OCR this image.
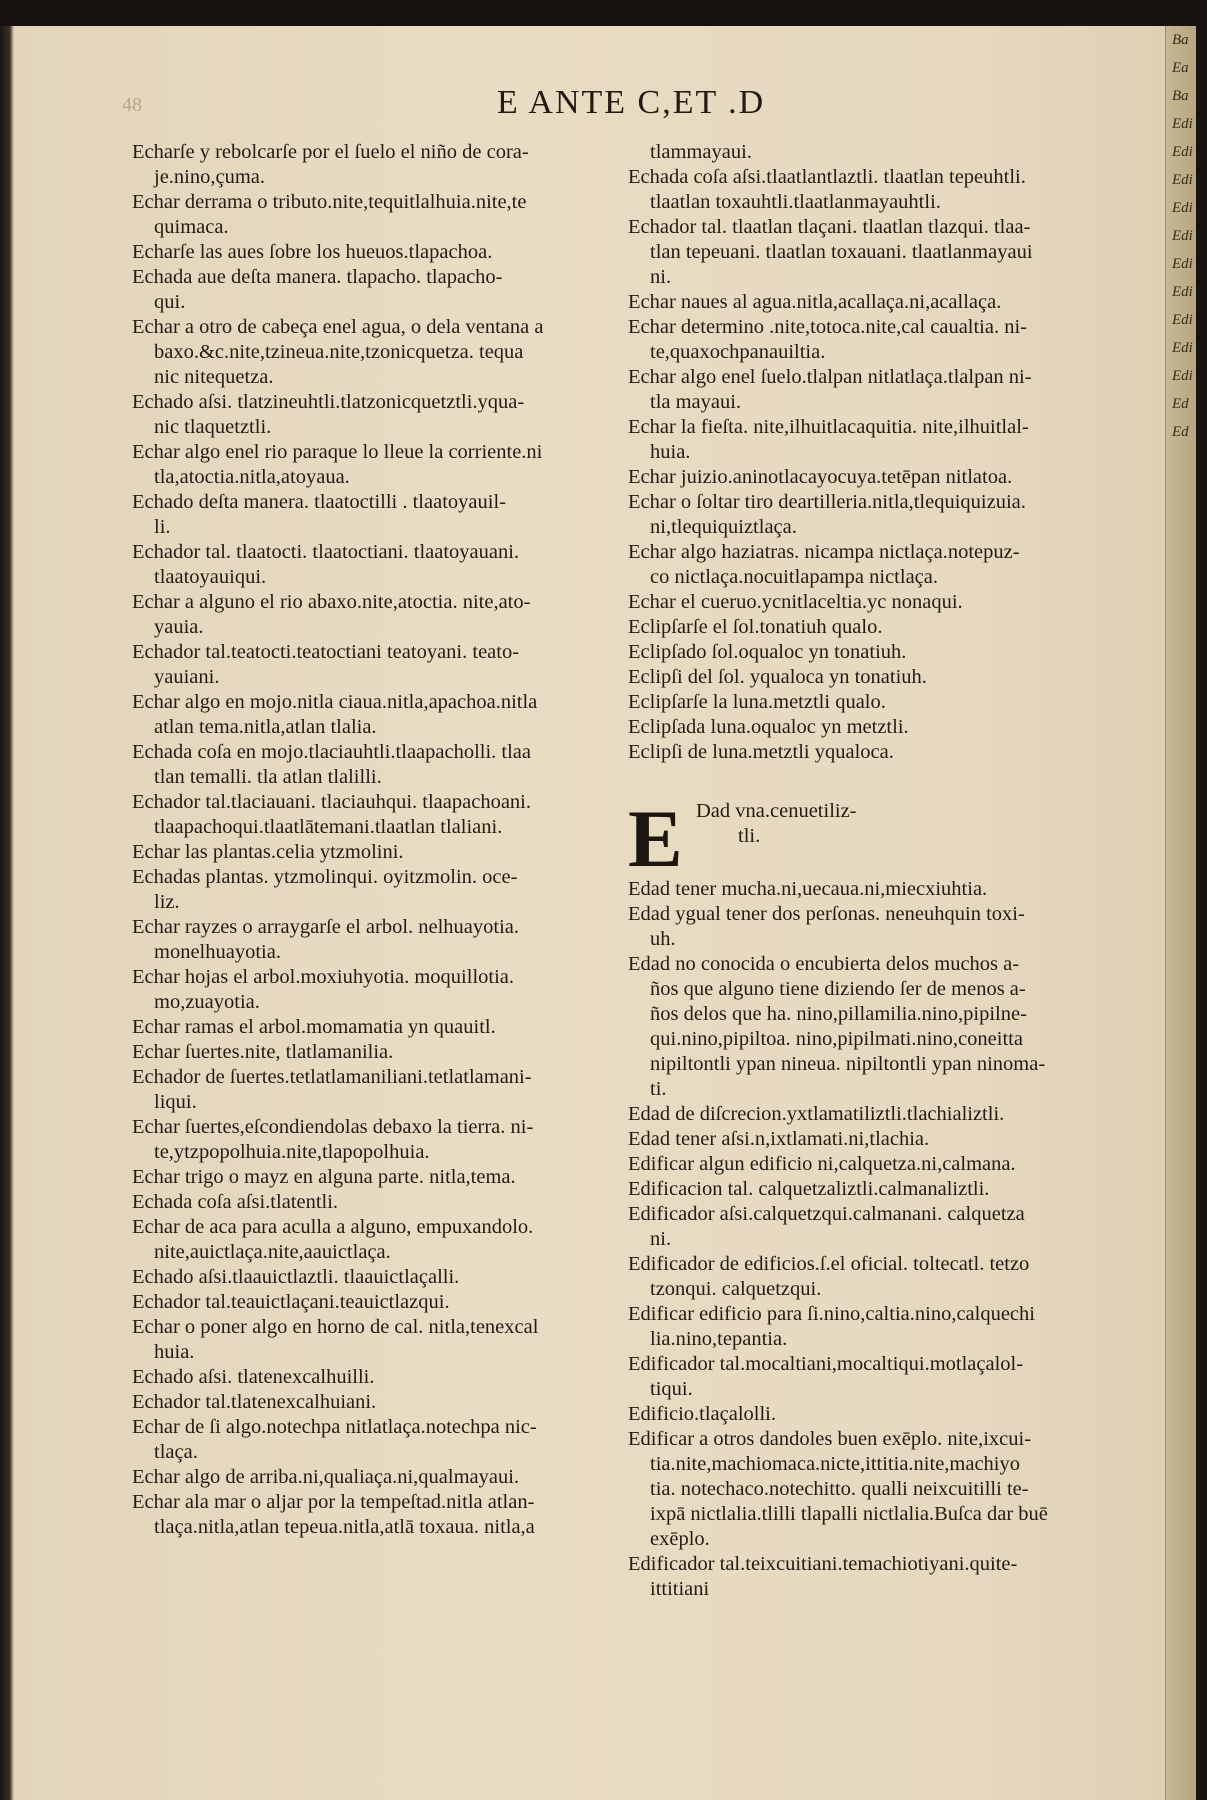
48	E ANTE C,ET .D
Echarſe y rebolcarſe por el ſuelo el niño de cora-
je.nino,çuma.
Echar derrama o tributo.nite,tequitlalhuia.nite,te
quimaca.
Echarſe las aues ſobre los hueuos.tlapachoa.
Echada aue deſta manera. tlapacho. tlapacho-
qui.
Echar a otro de cabeça enel agua, o dela ventana a
baxo.&c.nite,tzineua.nite,tzonicquetza. tequa
nic nitequetza.
Echado aſsi. tlatzineuhtli.tlatzonicquetztli.yqua-
nic tlaquetztli.
Echar algo enel rio paraque lo lleue la corriente.ni
tla,atoctia.nitla,atoyaua.
Echado deſta manera. tlaatoctilli . tlaatoyauil-
li.
Echador tal. tlaatocti. tlaatoctiani. tlaatoyauani.
tlaatoyauiqui.
Echar a alguno el rio abaxo.nite,atoctia. nite,ato-
yauia.
Echador tal.teatocti.teatoctiani teatoyani. teato-
yauiani.
Echar algo en mojo.nitla ciaua.nitla,apachoa.nitla
atlan tema.nitla,atlan tlalia.
Echada coſa en mojo.tlaciauhtli.tlaapacholli. tlaa
tlan temalli. tla atlan tlalilli.
Echador tal.tlaciauani. tlaciauhqui. tlaapachoani.
tlaapachoqui.tlaatlātemani.tlaatlan tlaliani.
Echar las plantas.celia ytzmolini.
Echadas plantas. ytzmolinqui. oyitzmolin. oce-
liz.
Echar rayzes o arraygarſe el arbol. nelhuayotia.
monelhuayotia.
Echar hojas el arbol.moxiuhyotia. moquillotia.
mo,zuayotia.
Echar ramas el arbol.momamatia yn quauitl.
Echar ſuertes.nite, tlatlamanilia.
Echador de ſuertes.tetlatlamaniliani.tetlatlamani-
liqui.
Echar ſuertes,eſcondiendolas debaxo la tierra. ni-
te,ytzpopolhuia.nite,tlapopolhuia.
Echar trigo o mayz en alguna parte. nitla,tema.
Echada coſa aſsi.tlatentli.
Echar de aca para aculla a alguno, empuxandolo.
nite,auictlaça.nite,aauictlaça.
Echado aſsi.tlaauictlaztli. tlaauictlaçalli.
Echador tal.teauictlaçani.teauictlazqui.
Echar o poner algo en horno de cal. nitla,tenexcal
huia.
Echado aſsi. tlatenexcalhuilli.
Echador tal.tlatenexcalhuiani.
Echar de ſi algo.notechpa nitlatlaça.notechpa nic-
tlaça.
Echar algo de arriba.ni,qualiaça.ni,qualmayaui.
Echar ala mar o aljar por la tempeſtad.nitla atlan-
tlaça.nitla,atlan tepeua.nitla,atlā toxaua. nitla,a
tlammayaui.
Echada coſa aſsi.tlaatlantlaztli. tlaatlan tepeuhtli.
tlaatlan toxauhtli.tlaatlanmayauhtli.
Echador tal. tlaatlan tlaçani. tlaatlan tlazqui. tlaa-
tlan tepeuani. tlaatlan toxauani. tlaatlanmayaui
ni.
Echar naues al agua.nitla,acallaça.ni,acallaça.
Echar determino .nite,totoca.nite,cal caualtia. ni-
te,quaxochpanauiltia.
Echar algo enel ſuelo.tlalpan nitlatlaça.tlalpan ni-
tla mayaui.
Echar la fieſta. nite,ilhuitlacaquitia. nite,ilhuitlal-
huia.
Echar juizio.aninotlacayocuya.tetēpan nitlatoa.
Echar o ſoltar tiro deartilleria.nitla,tlequiquizuia.
ni,tlequiquiztlaça.
Echar algo haziatras. nicampa nictlaça.notepuz-
co nictlaça.nocuitlapampa nictlaça.
Echar el cueruo.ycnitlaceltia.yc nonaqui.
Eclipſarſe el ſol.tonatiuh qualo.
Eclipſado ſol.oqualoc yn tonatiuh.
Eclipſi del ſol. yqualoca yn tonatiuh.
Eclipſarſe la luna.metztli qualo.
Eclipſada luna.oqualoc yn metztli.
Eclipſi de luna.metztli yqualoca.
E Dad vna.cenuetiliz-
tli.
Edad tener mucha.ni,uecaua.ni,miecxiuhtia.
Edad ygual tener dos perſonas. neneuhquin toxi-
uh.
Edad no conocida o encubierta delos muchos a-
ños que alguno tiene diziendo ſer de menos a-
ños delos que ha. nino,pillamilia.nino,pipilne-
qui.nino,pipiltoa. nino,pipilmati.nino,coneitta
nipiltontli ypan nineua. nipiltontli ypan ninoma-
ti.
Edad de diſcrecion.yxtlamatiliztli.tlachializtli.
Edad tener aſsi.n,ixtlamati.ni,tlachia.
Edificar algun edificio ni,calquetza.ni,calmana.
Edificacion tal. calquetzaliztli.calmanaliztli.
Edificador aſsi.calquetzqui.calmanani. calquetza
ni.
Edificador de edificios.ſ.el oficial. toltecatl. tetzo
tzonqui. calquetzqui.
Edificar edificio para ſi.nino,caltia.nino,calquechi
lia.nino,tepantia.
Edificador tal.mocaltiani,mocaltiqui.motlaçalol-
tiqui.
Edificio.tlaçalolli.
Edificar a otros dandoles buen exēplo. nite,ixcui-
tia.nite,machiomaca.nicte,ittitia.nite,machiyo
tia. notechaco.notechitto. qualli neixcuitilli te-
ixpā nictlalia.tlilli tlapalli nictlalia.Buſca dar buē
exēplo.
Edificador tal.teixcuitiani.temachiotiyani.quite-
ittitiani
Ba
Ea
Ba
Edi
Edi
Edi
Edi
Edi
Edi
Edi
Edi
Edi
Edi
Ed
Ed
